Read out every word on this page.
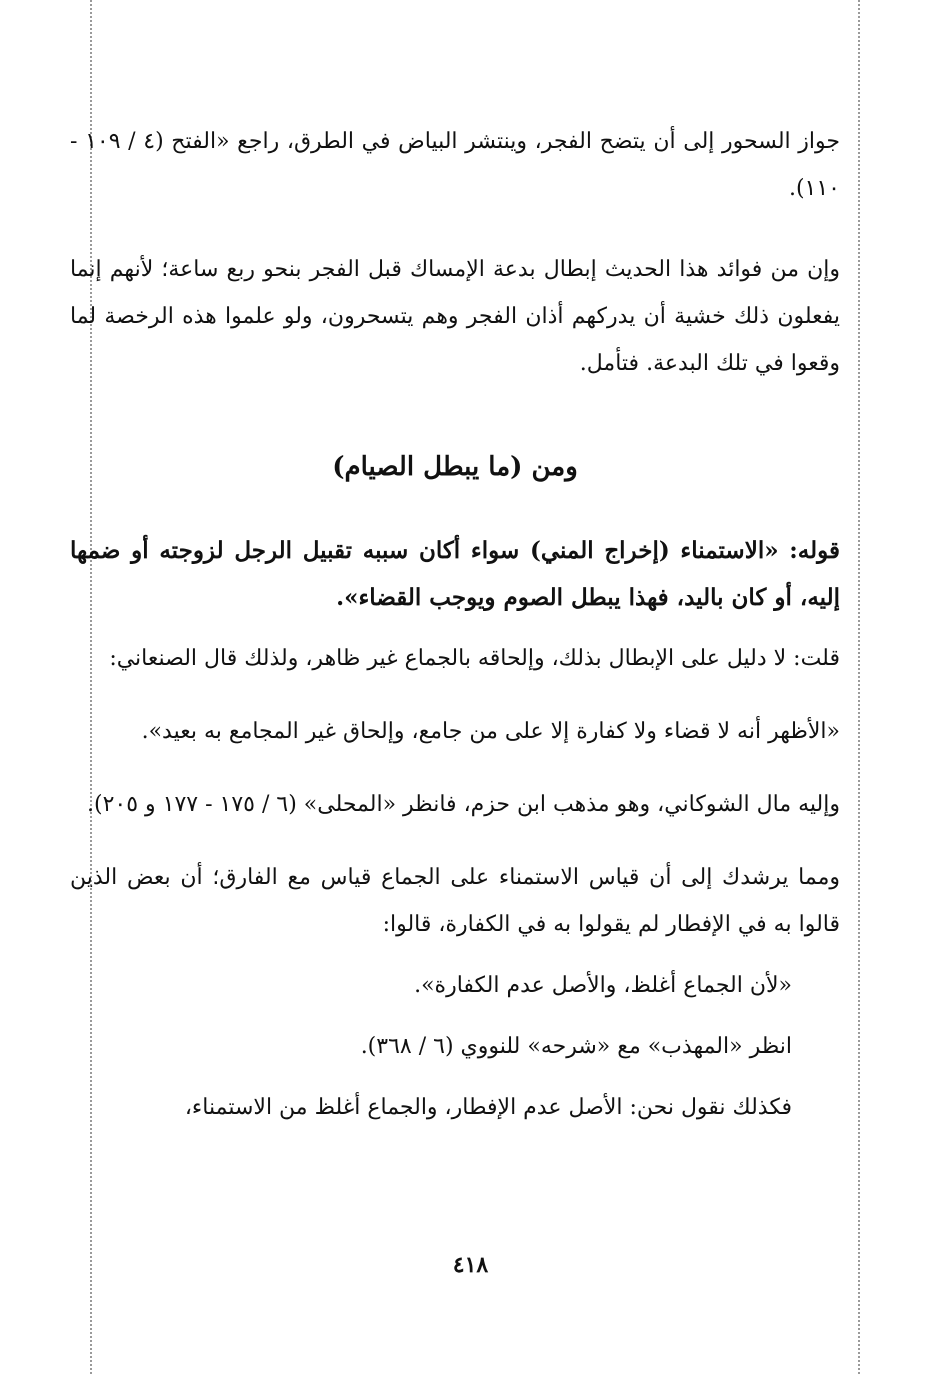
جواز السحور إلى أن يتضح الفجر، وينتشر البياض في الطرق، راجع «الفتح (٤ / ١٠٩ - ١١٠).

وإن من فوائد هذا الحديث إبطال بدعة الإمساك قبل الفجر بنحو ربع ساعة؛ لأنهم إنما يفعلون ذلك خشية أن يدركهم أذان الفجر وهم يتسحرون، ولو علموا هذه الرخصة لما وقعوا في تلك البدعة. فتأمل.

ومن (ما يبطل الصيام)

قوله: «الاستمناء (إخراج المني) سواء أكان سببه تقبيل الرجل لزوجته أو ضمها إليه، أو كان باليد، فهذا يبطل الصوم ويوجب القضاء».

قلت: لا دليل على الإبطال بذلك، وإلحاقه بالجماع غير ظاهر، ولذلك قال الصنعاني:

«الأظهر أنه لا قضاء ولا كفارة إلا على من جامع، وإلحاق غير المجامع به بعيد».

وإليه مال الشوكاني، وهو مذهب ابن حزم، فانظر «المحلى» (٦ / ١٧٥ - ١٧٧ و ٢٠٥).

ومما يرشدك إلى أن قياس الاستمناء على الجماع قياس مع الفارق؛ أن بعض الذين قالوا به في الإفطار لم يقولوا به في الكفارة، قالوا:

«لأن الجماع أغلظ، والأصل عدم الكفارة».

انظر «المهذب» مع «شرحه» للنووي (٦ / ٣٦٨).

فكذلك نقول نحن: الأصل عدم الإفطار، والجماع أغلظ من الاستمناء،

٤١٨
